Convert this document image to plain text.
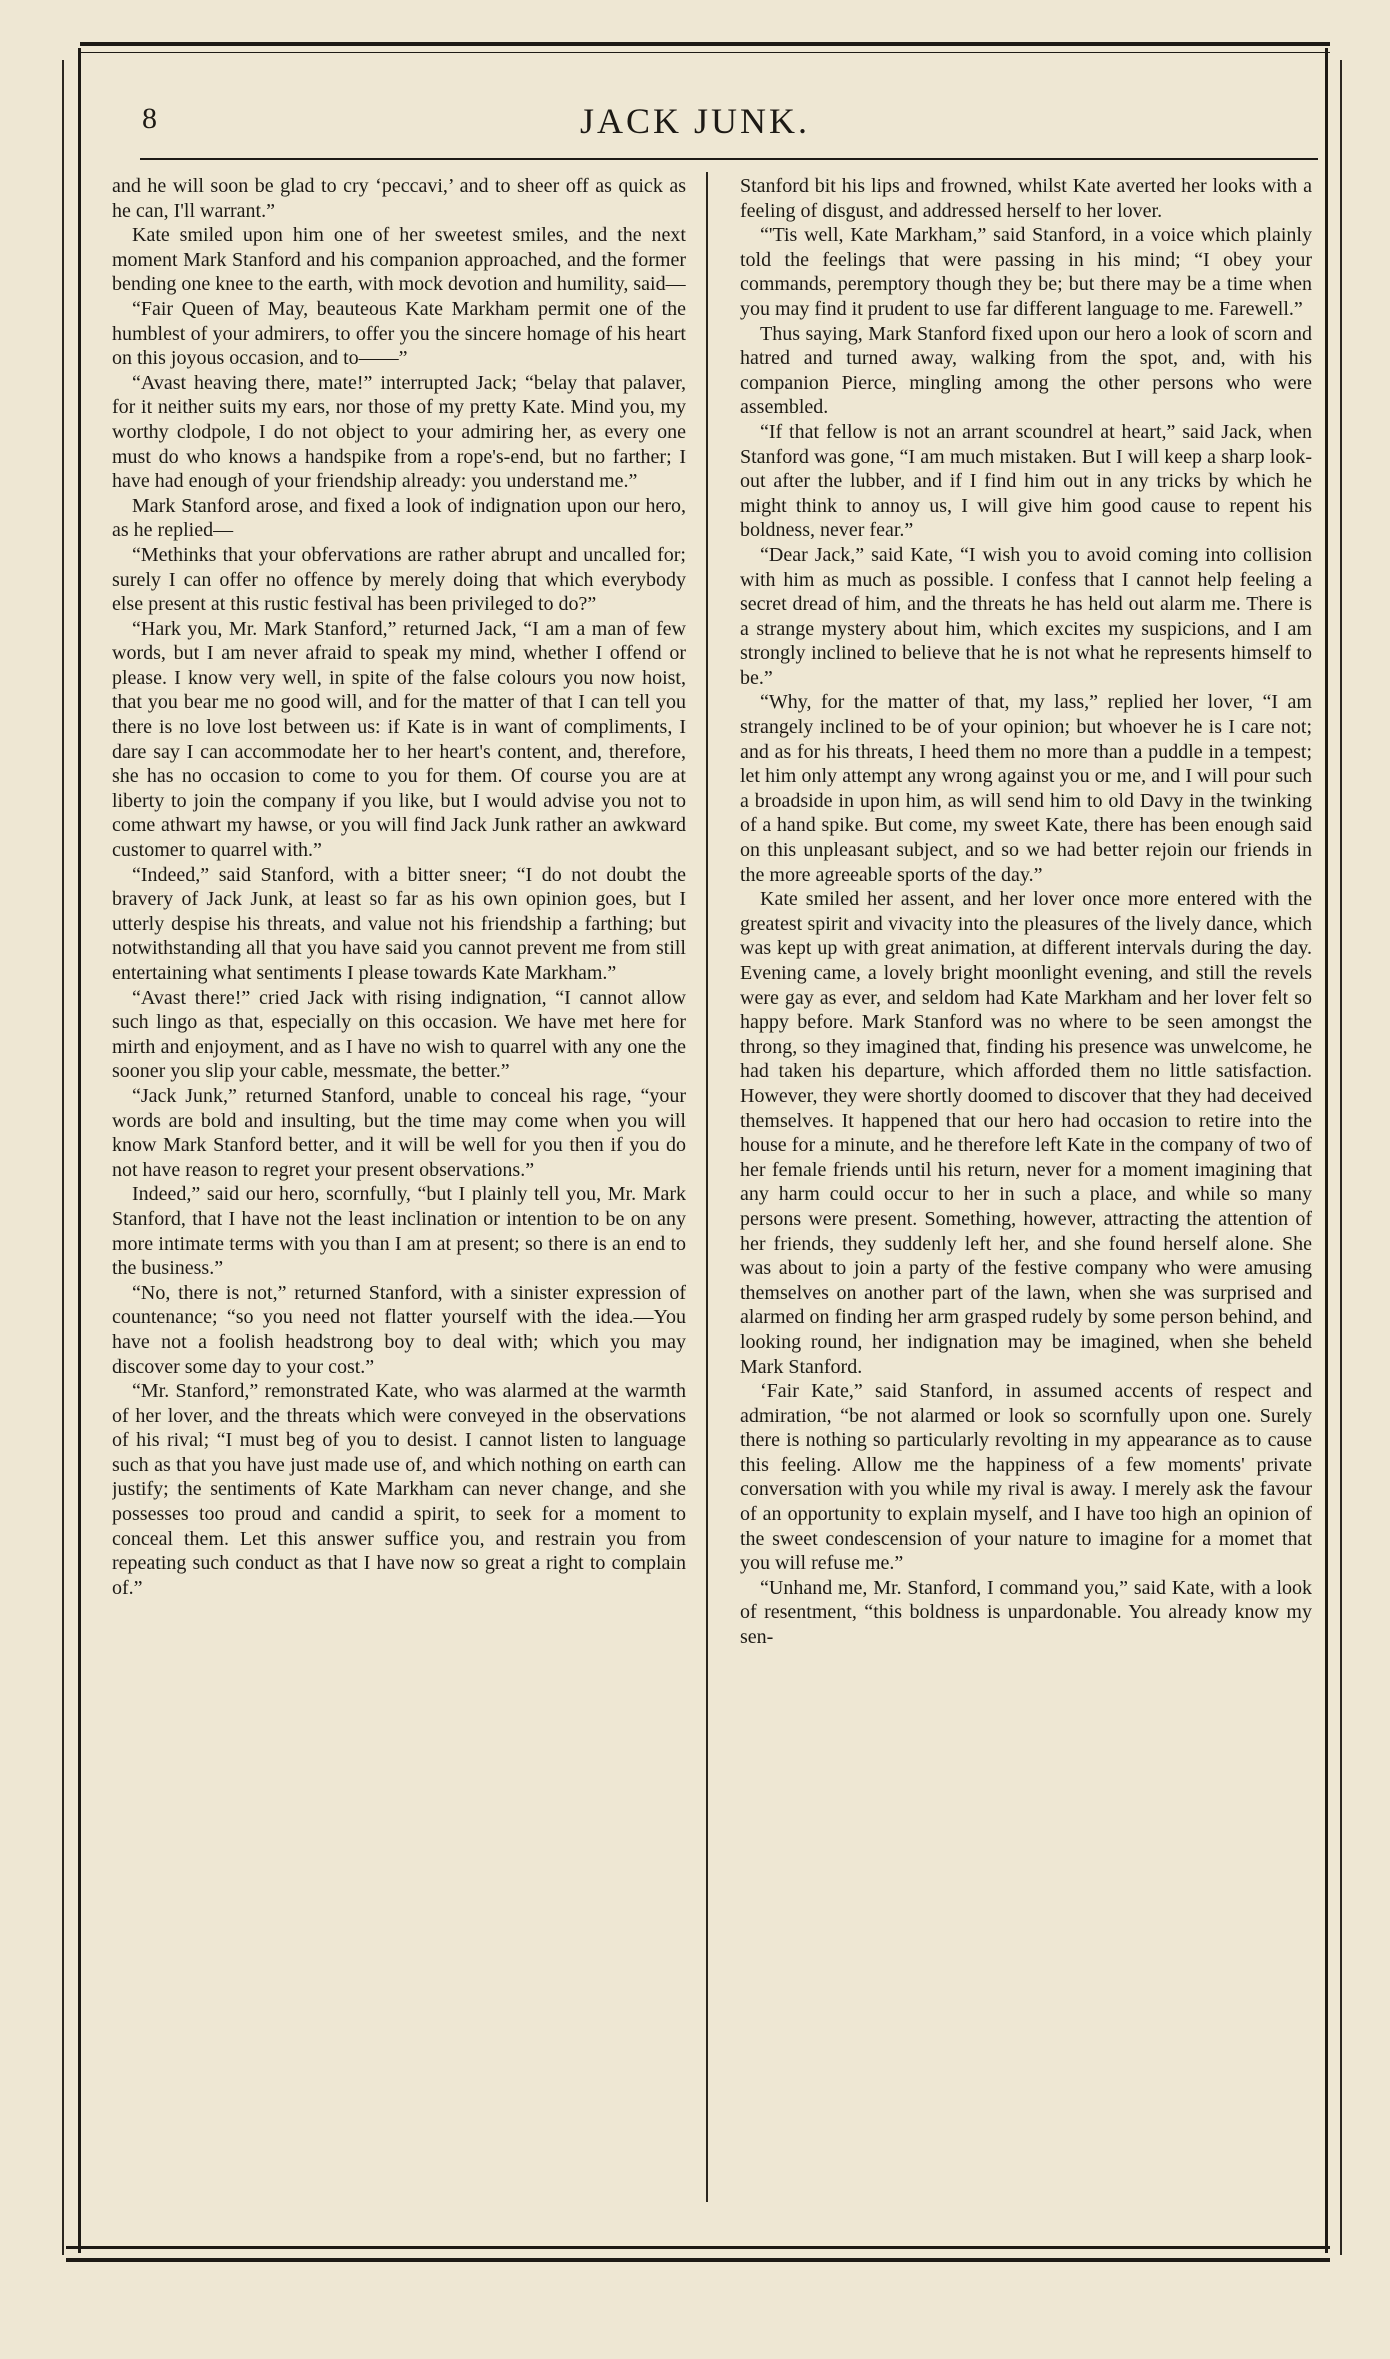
8	JACK JUNK.

and he will soon be glad to cry ‘peccavi,’ and to sheer off as quick as he can, I'll warrant.”

Kate smiled upon him one of her sweetest smiles, and the next moment Mark Stanford and his companion approached, and the former bending one knee to the earth, with mock devotion and humility, said—

“Fair Queen of May, beauteous Kate Markham permit one of the humblest of your admirers, to offer you the sincere homage of his heart on this joyous occasion, and to——”

“Avast heaving there, mate!” interrupted Jack; “belay that palaver, for it neither suits my ears, nor those of my pretty Kate. Mind you, my worthy clodpole, I do not object to your admiring her, as every one must do who knows a handspike from a rope's-end, but no farther; I have had enough of your friendship already: you understand me.”

Mark Stanford arose, and fixed a look of indignation upon our hero, as he replied—

“Methinks that your obfervations are rather abrupt and uncalled for; surely I can offer no offence by merely doing that which everybody else present at this rustic festival has been privileged to do?”

“Hark you, Mr. Mark Stanford,” returned Jack, “I am a man of few words, but I am never afraid to speak my mind, whether I offend or please. I know very well, in spite of the false colours you now hoist, that you bear me no good will, and for the matter of that I can tell you there is no love lost between us: if Kate is in want of compliments, I dare say I can accommodate her to her heart's content, and, therefore, she has no occasion to come to you for them. Of course you are at liberty to join the company if you like, but I would advise you not to come athwart my hawse, or you will find Jack Junk rather an awkward customer to quarrel with.”

“Indeed,” said Stanford, with a bitter sneer; “I do not doubt the bravery of Jack Junk, at least so far as his own opinion goes, but I utterly despise his threats, and value not his friendship a farthing; but notwithstanding all that you have said you cannot prevent me from still entertaining what sentiments I please towards Kate Markham.”

“Avast there!” cried Jack with rising indignation, “I cannot allow such lingo as that, especially on this occasion. We have met here for mirth and enjoyment, and as I have no wish to quarrel with any one the sooner you slip your cable, messmate, the better.”

“Jack Junk,” returned Stanford, unable to conceal his rage, “your words are bold and insulting, but the time may come when you will know Mark Stanford better, and it will be well for you then if you do not have reason to regret your present observations.”

Indeed,” said our hero, scornfully, “but I plainly tell you, Mr. Mark Stanford, that I have not the least inclination or intention to be on any more intimate terms with you than I am at present; so there is an end to the business.”

“No, there is not,” returned Stanford, with a sinister expression of countenance; “so you need not flatter yourself with the idea.—You have not a foolish headstrong boy to deal with; which you may discover some day to your cost.”

“Mr. Stanford,” remonstrated Kate, who was alarmed at the warmth of her lover, and the threats which were conveyed in the observations of his rival; “I must beg of you to desist. I cannot listen to language such as that you have just made use of, and which nothing on earth can justify; the sentiments of Kate Markham can never change, and she possesses too proud and candid a spirit, to seek for a moment to conceal them. Let this answer suffice you, and restrain you from repeating such conduct as that I have now so great a right to complain of.”

Stanford bit his lips and frowned, whilst Kate averted her looks with a feeling of disgust, and addressed herself to her lover.

“'Tis well, Kate Markham,” said Stanford, in a voice which plainly told the feelings that were passing in his mind; “I obey your commands, peremptory though they be; but there may be a time when you may find it prudent to use far different language to me. Farewell.”

Thus saying, Mark Stanford fixed upon our hero a look of scorn and hatred and turned away, walking from the spot, and, with his companion Pierce, mingling among the other persons who were assembled.

“If that fellow is not an arrant scoundrel at heart,” said Jack, when Stanford was gone, “I am much mistaken. But I will keep a sharp look-out after the lubber, and if I find him out in any tricks by which he might think to annoy us, I will give him good cause to repent his boldness, never fear.”

“Dear Jack,” said Kate, “I wish you to avoid coming into collision with him as much as possible. I confess that I cannot help feeling a secret dread of him, and the threats he has held out alarm me. There is a strange mystery about him, which excites my suspicions, and I am strongly inclined to believe that he is not what he represents himself to be.”

“Why, for the matter of that, my lass,” replied her lover, “I am strangely inclined to be of your opinion; but whoever he is I care not; and as for his threats, I heed them no more than a puddle in a tempest; let him only attempt any wrong against you or me, and I will pour such a broadside in upon him, as will send him to old Davy in the twinking of a hand spike. But come, my sweet Kate, there has been enough said on this unpleasant subject, and so we had better rejoin our friends in the more agreeable sports of the day.”

Kate smiled her assent, and her lover once more entered with the greatest spirit and vivacity into the pleasures of the lively dance, which was kept up with great animation, at different intervals during the day. Evening came, a lovely bright moonlight evening, and still the revels were gay as ever, and seldom had Kate Markham and her lover felt so happy before. Mark Stanford was no where to be seen amongst the throng, so they imagined that, finding his presence was unwelcome, he had taken his departure, which afforded them no little satisfaction. However, they were shortly doomed to discover that they had deceived themselves. It happened that our hero had occasion to retire into the house for a minute, and he therefore left Kate in the company of two of her female friends until his return, never for a moment imagining that any harm could occur to her in such a place, and while so many persons were present. Something, however, attracting the attention of her friends, they suddenly left her, and she found herself alone. She was about to join a party of the festive company who were amusing themselves on another part of the lawn, when she was surprised and alarmed on finding her arm grasped rudely by some person behind, and looking round, her indignation may be imagined, when she beheld Mark Stanford.

‘Fair Kate,” said Stanford, in assumed accents of respect and admiration, “be not alarmed or look so scornfully upon one. Surely there is nothing so particularly revolting in my appearance as to cause this feeling. Allow me the happiness of a few moments' private conversation with you while my rival is away. I merely ask the favour of an opportunity to explain myself, and I have too high an opinion of the sweet condescension of your nature to imagine for a momet that you will refuse me.”

“Unhand me, Mr. Stanford, I command you,” said Kate, with a look of resentment, “this boldness is unpardonable. You already know my sen-
